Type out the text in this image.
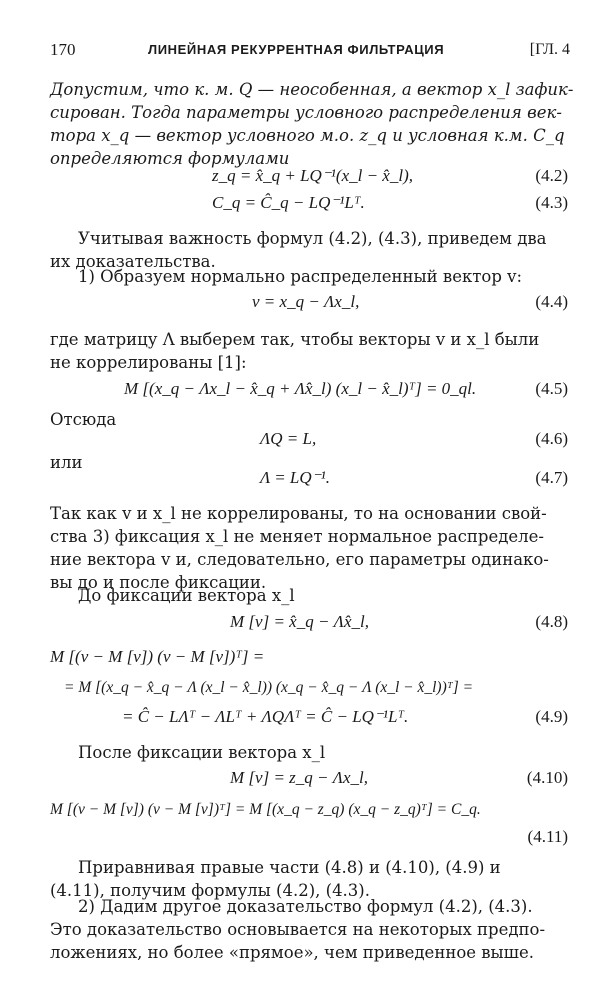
170	ЛИНЕЙНАЯ РЕКУРРЕНТНАЯ ФИЛЬТРАЦИЯ	[ГЛ. 4
Допустим, что к. м. Q — неособенная, а вектор x_l зафик-
сирован. Тогда параметры условного распределения век-
тора x_q — вектор условного м.о. z_q и условная к.м. C_q
определяются формулами
z_q = x̂_q + LQ⁻¹(x_l − x̂_l),	(4.2)
C_q = Ĉ_q − LQ⁻¹Lᵀ.	(4.3)
Учитывая важность формул (4.2), (4.3), приведем два
их доказательства.
1) Образуем нормально распределенный вектор v:
v = x_q − Λx_l,	(4.4)
где матрицу Λ выберем так, чтобы векторы v и x_l были
не коррелированы [1]:
M [(x_q − Λx_l − x̂_q + Λx̂_l) (x_l − x̂_l)ᵀ] = 0_ql.	(4.5)
Отсюда
ΛQ = L,	(4.6)
или
Λ = LQ⁻¹.	(4.7)
Так как v и x_l не коррелированы, то на основании свой-
ства 3) фиксация x_l не меняет нормальное распределе-
ние вектора v и, следовательно, его параметры одинако-
вы до и после фиксации.
До фиксации вектора x_l
M [v] = x̂_q − Λx̂_l,	(4.8)
M [(v − M [v]) (v − M [v])ᵀ] =
= M [(x_q − x̂_q − Λ (x_l − x̂_l)) (x_q − x̂_q − Λ (x_l − x̂_l))ᵀ] =
= Ĉ − LΛᵀ − ΛLᵀ + ΛQΛᵀ = Ĉ − LQ⁻¹Lᵀ.	(4.9)
После фиксации вектора x_l
M [v] = z_q − Λx_l,	(4.10)
M [(v − M [v]) (v − M [v])ᵀ] = M [(x_q − z_q) (x_q − z_q)ᵀ] = C_q.
(4.11)
Приравнивая правые части (4.8) и (4.10), (4.9) и
(4.11), получим формулы (4.2), (4.3).
2) Дадим другое доказательство формул (4.2), (4.3).
Это доказательство основывается на некоторых предпо-
ложениях, но более «прямое», чем приведенное выше.
